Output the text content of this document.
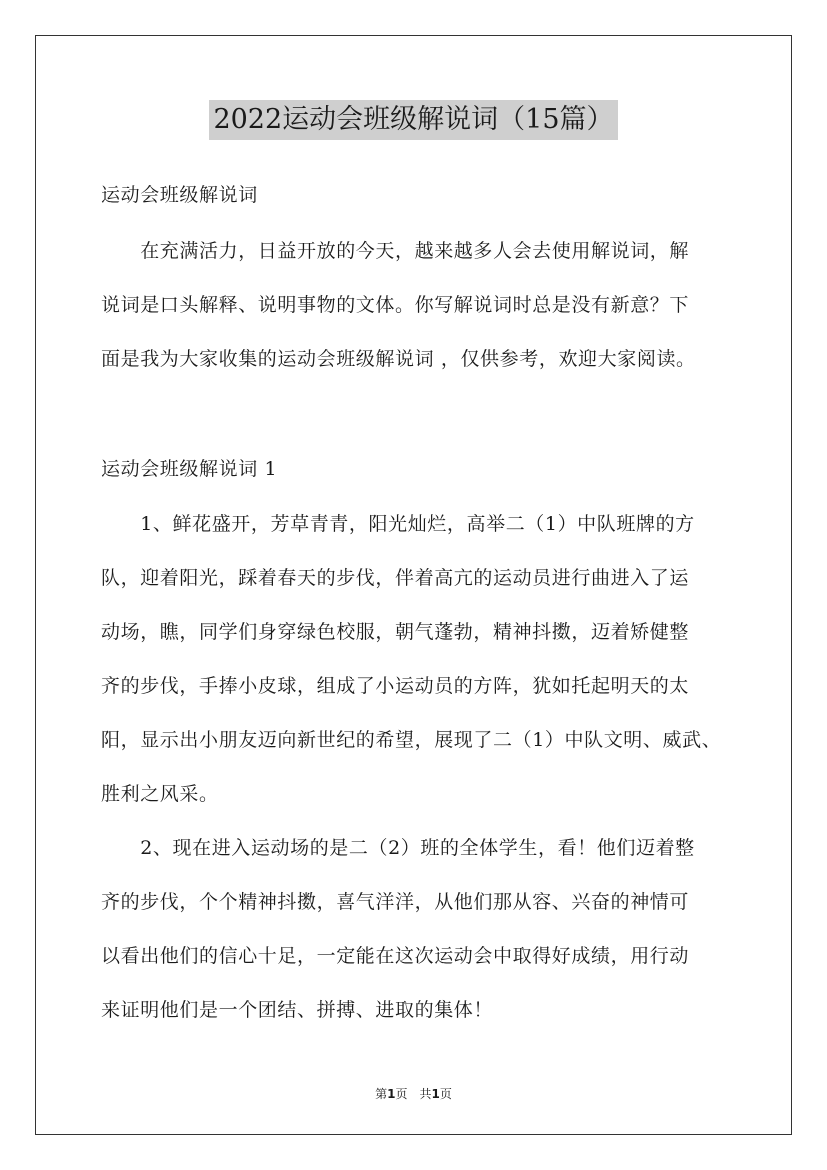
2022运动会班级解说词（15篇）
运动会班级解说词
　　在充满活力，日益开放的今天，越来越多人会去使用解说词，解
说词是口头解释、说明事物的文体。你写解说词时总是没有新意？下
面是我为大家收集的运动会班级解说词 ，仅供参考，欢迎大家阅读。
运动会班级解说词 1
　　1、鲜花盛开，芳草青青，阳光灿烂，高举二（1）中队班牌的方
队，迎着阳光，踩着春天的步伐，伴着高亢的运动员进行曲进入了运
动场，瞧，同学们身穿绿色校服，朝气蓬勃，精神抖擞，迈着矫健整
齐的步伐，手捧小皮球，组成了小运动员的方阵，犹如托起明天的太
阳，显示出小朋友迈向新世纪的希望，展现了二（1）中队文明、威武、
胜利之风采。
　　2、现在进入运动场的是二（2）班的全体学生，看！他们迈着整
齐的步伐，个个精神抖擞，喜气洋洋，从他们那从容、兴奋的神情可
以看出他们的信心十足，一定能在这次运动会中取得好成绩，用行动
来证明他们是一个团结、拼搏、进取的集体！
第1页　共1页
